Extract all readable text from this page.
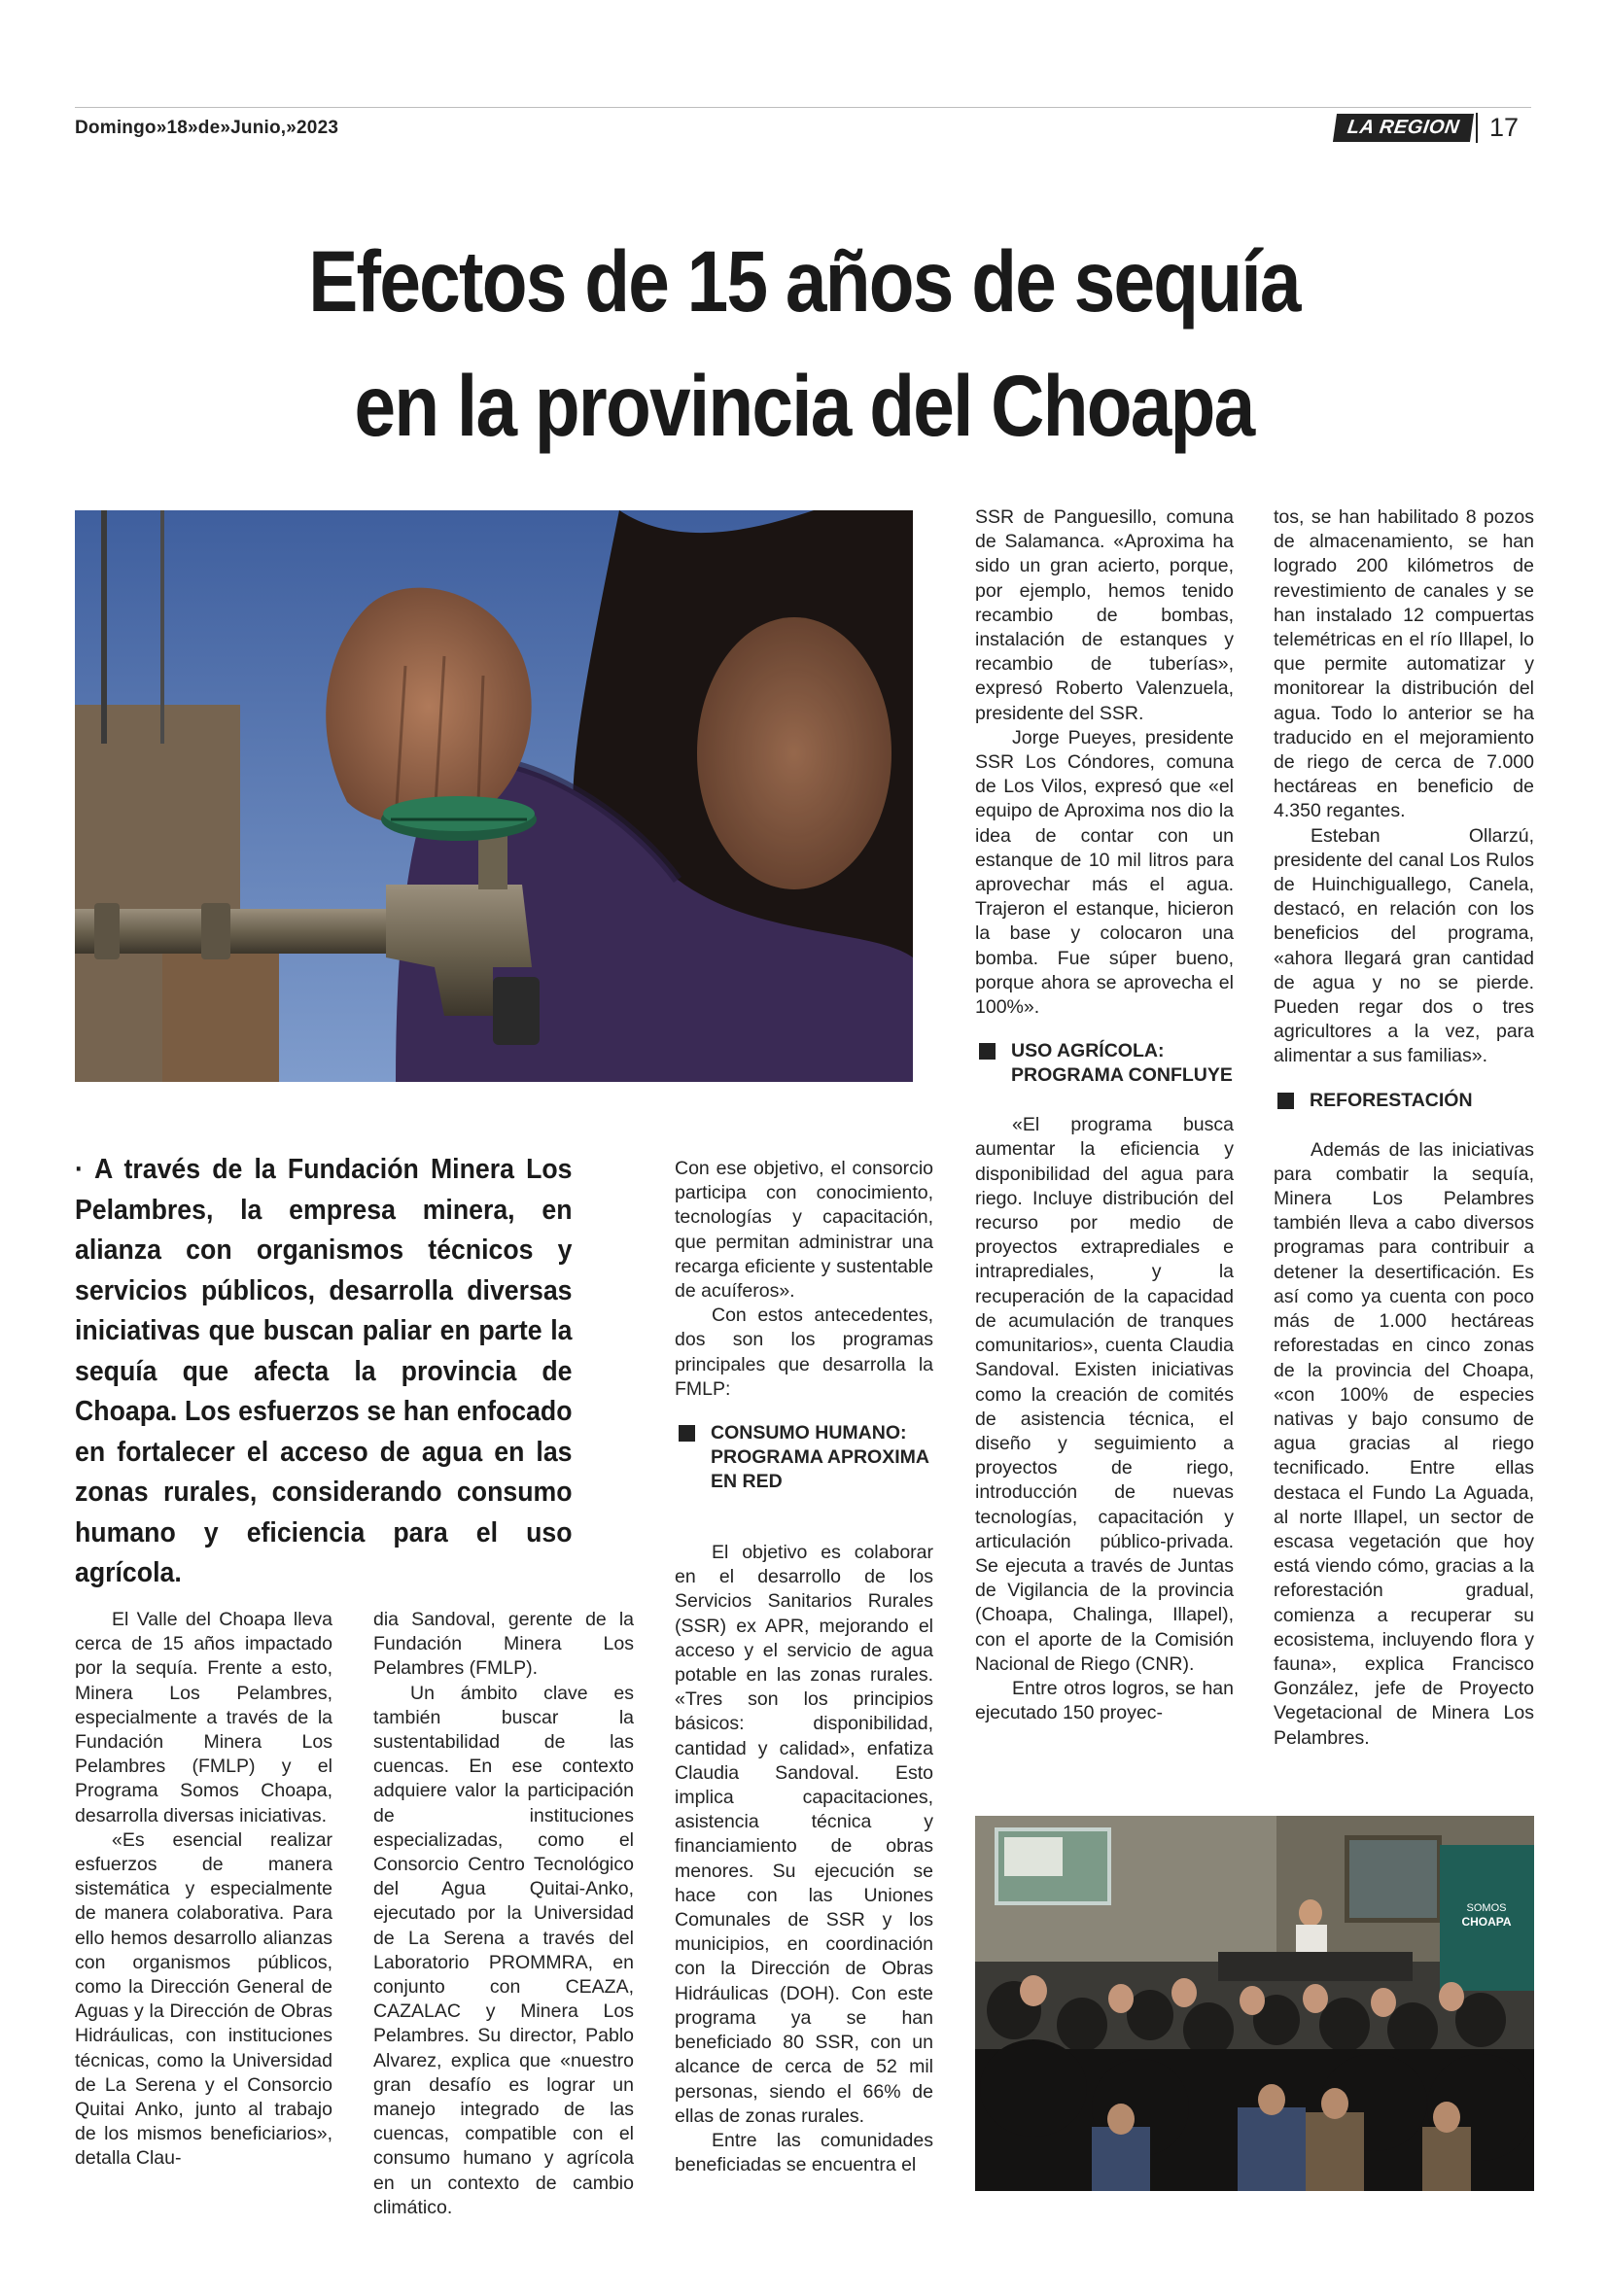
Domingo»18»de»Junio,»2023	LA REGION	17
Efectos de 15 años de sequía
en la provincia del Choapa

· A través de la Fundación Minera Los Pelambres, la empresa minera, en alianza con organismos técnicos y servicios públicos, desarrolla diversas iniciativas que buscan paliar en parte la sequía que afecta la provincia de Choapa. Los esfuerzos se han enfocado en fortalecer el acceso de agua en las zonas rurales, considerando consumo humano y eficiencia para el uso agrícola.

El Valle del Choapa lleva cerca de 15 años impactado por la sequía. Frente a esto, Minera Los Pelambres, especialmente a través de la Fundación Minera Los Pelambres (FMLP) y el Programa Somos Choapa, desarrolla diversas iniciativas.

«Es esencial realizar esfuerzos de manera sistemática y especialmente de manera colaborativa. Para ello hemos desarrollo alianzas con organismos públicos, como la Dirección General de Aguas y la Dirección de Obras Hidráulicas, con instituciones técnicas, como la Universidad de La Serena y el Consorcio Quitai Anko, junto al trabajo de los mismos beneficiarios», detalla Clau-

dia Sandoval, gerente de la Fundación Minera Los Pelambres (FMLP).

Un ámbito clave es también buscar la sustentabilidad de las cuencas. En ese contexto adquiere valor la participación de instituciones especializadas, como el Consorcio Centro Tecnológico del Agua Quitai-Anko, ejecutado por la Universidad de La Serena a través del Laboratorio PROMMRA, en conjunto con CEAZA, CAZALAC y Minera Los Pelambres. Su director, Pablo Alvarez, explica que «nuestro gran desafío es lograr un manejo integrado de las cuencas, compatible con el consumo humano y agrícola en un contexto de cambio climático.

Con ese objetivo, el consorcio participa con conocimiento, tecnologías y capacitación, que permitan administrar una recarga eficiente y sustentable de acuíferos».

Con estos antecedentes, dos son los programas principales que desarrolla la FMLP:

CONSUMO HUMANO: PROGRAMA APROXIMA EN RED

El objetivo es colaborar en el desarrollo de los Servicios Sanitarios Rurales (SSR) ex APR, mejorando el acceso y el servicio de agua potable en las zonas rurales. «Tres son los principios básicos: disponibilidad, cantidad y calidad», enfatiza Claudia Sandoval. Esto implica capacitaciones, asistencia técnica y financiamiento de obras menores. Su ejecución se hace con las Uniones Comunales de SSR y los municipios, en coordinación con la Dirección de Obras Hidráulicas (DOH). Con este programa ya se han beneficiado 80 SSR, con un alcance de cerca de 52 mil personas, siendo el 66% de ellas de zonas rurales.

Entre las comunidades beneficiadas se encuentra el

SSR de Panguesillo, comuna de Salamanca. «Aproxima ha sido un gran acierto, porque, por ejemplo, hemos tenido recambio de bombas, instalación de estanques y recambio de tuberías», expresó Roberto Valenzuela, presidente del SSR.

Jorge Pueyes, presidente SSR Los Cóndores, comuna de Los Vilos, expresó que «el equipo de Aproxima nos dio la idea de contar con un estanque de 10 mil litros para aprovechar más el agua. Trajeron el estanque, hicieron la base y colocaron una bomba. Fue súper bueno, porque ahora se aprovecha el 100%».

USO AGRÍCOLA: PROGRAMA CONFLUYE

«El programa busca aumentar la eficiencia y disponibilidad del agua para riego. Incluye distribución del recurso por medio de proyectos extraprediales e intraprediales, y la recuperación de la capacidad de acumulación de tranques comunitarios», cuenta Claudia Sandoval. Existen iniciativas como la creación de comités de asistencia técnica, el diseño y seguimiento a proyectos de riego, introducción de nuevas tecnologías, capacitación y articulación público-privada. Se ejecuta a través de Juntas de Vigilancia de la provincia (Choapa, Chalinga, Illapel), con el aporte de la Comisión Nacional de Riego (CNR).

Entre otros logros, se han ejecutado 150 proyec-

tos, se han habilitado 8 pozos de almacenamiento, se han logrado 200 kilómetros de revestimiento de canales y se han instalado 12 compuertas telemétricas en el río Illapel, lo que permite automatizar y monitorear la distribución del agua. Todo lo anterior se ha traducido en el mejoramiento de riego de cerca de 7.000 hectáreas en beneficio de 4.350 regantes.

Esteban Ollarzú, presidente del canal Los Rulos de Huinchiguallego, Canela, destacó, en relación con los beneficios del programa, «ahora llegará gran cantidad de agua y no se pierde. Pueden regar dos o tres agricultores a la vez, para alimentar a sus familias».

REFORESTACIÓN

Además de las iniciativas para combatir la sequía, Minera Los Pelambres también lleva a cabo diversos programas para contribuir a detener la desertificación. Es así como ya cuenta con poco más de 1.000 hectáreas reforestadas en cinco zonas de la provincia del Choapa, «con 100% de especies nativas y bajo consumo de agua gracias al riego tecnificado. Entre ellas destaca el Fundo La Aguada, al norte Illapel, un sector de escasa vegetación que hoy está viendo cómo, gracias a la reforestación gradual, comienza a recuperar su ecosistema, incluyendo flora y fauna», explica Francisco González, jefe de Proyecto Vegetacional de Minera Los Pelambres.

SOMOS
CHOAPA
